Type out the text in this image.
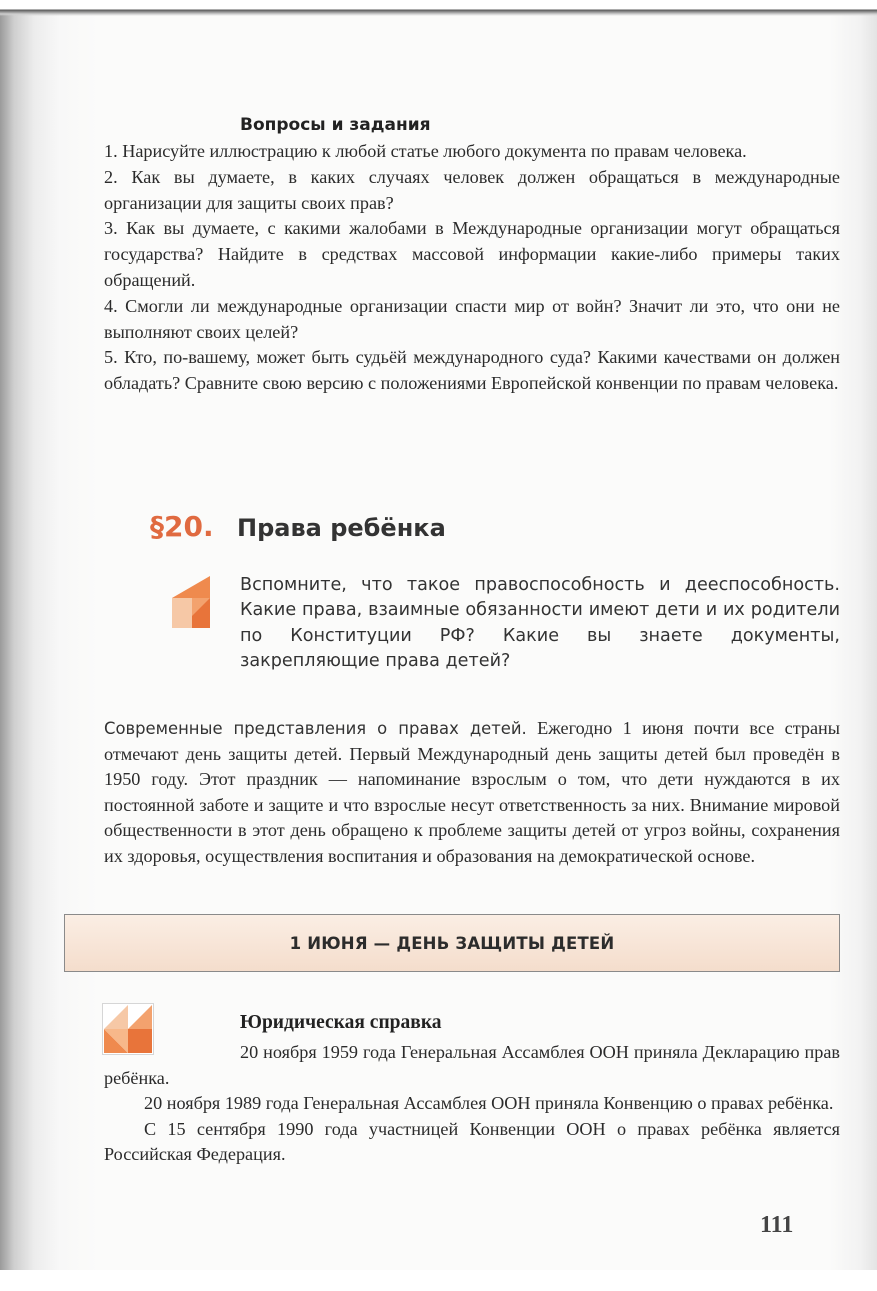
Вопросы и задания

1. Нарисуйте иллюстрацию к любой статье любого документа по правам человека.

2. Как вы думаете, в каких случаях человек должен обращаться в международные организации для защиты своих прав?

3. Как вы думаете, с какими жалобами в Международные организации могут обращаться государства? Найдите в средствах массовой информации какие-либо примеры таких обращений.

4. Смогли ли международные организации спасти мир от войн? Значит ли это, что они не выполняют своих целей?

5. Кто, по-вашему, может быть судьёй международного суда? Какими качествами он должен обладать? Сравните свою версию с положениями Европейской конвенции по правам человека.

§20. Права ребёнка
Вспомните, что такое правоспособность и дееспособность. Какие права, взаимные обязанности имеют дети и их родители по Конституции РФ? Какие вы знаете документы, закрепляющие права детей?

Современные представления о правах детей. Ежегодно 1 июня почти все страны отмечают день защиты детей. Первый Международный день защиты детей был проведён в 1950 году. Этот праздник — напоминание взрослым о том, что дети нуждаются в их постоянной заботе и защите и что взрослые несут ответственность за них. Внимание мировой общественности в этот день обращено к проблеме защиты детей от угроз войны, сохранения их здоровья, осуществления воспитания и образования на демократической основе.

1 ИЮНЯ — ДЕНЬ ЗАЩИТЫ ДЕТЕЙ
Юридическая справка

20 ноября 1959 года Генеральная Ассамблея ООН приняла Декларацию прав ребёнка.

20 ноября 1989 года Генеральная Ассамблея ООН приняла Конвенцию о правах ребёнка.

С 15 сентября 1990 года участницей Конвенции ООН о правах ребёнка является Российская Федерация.

111
